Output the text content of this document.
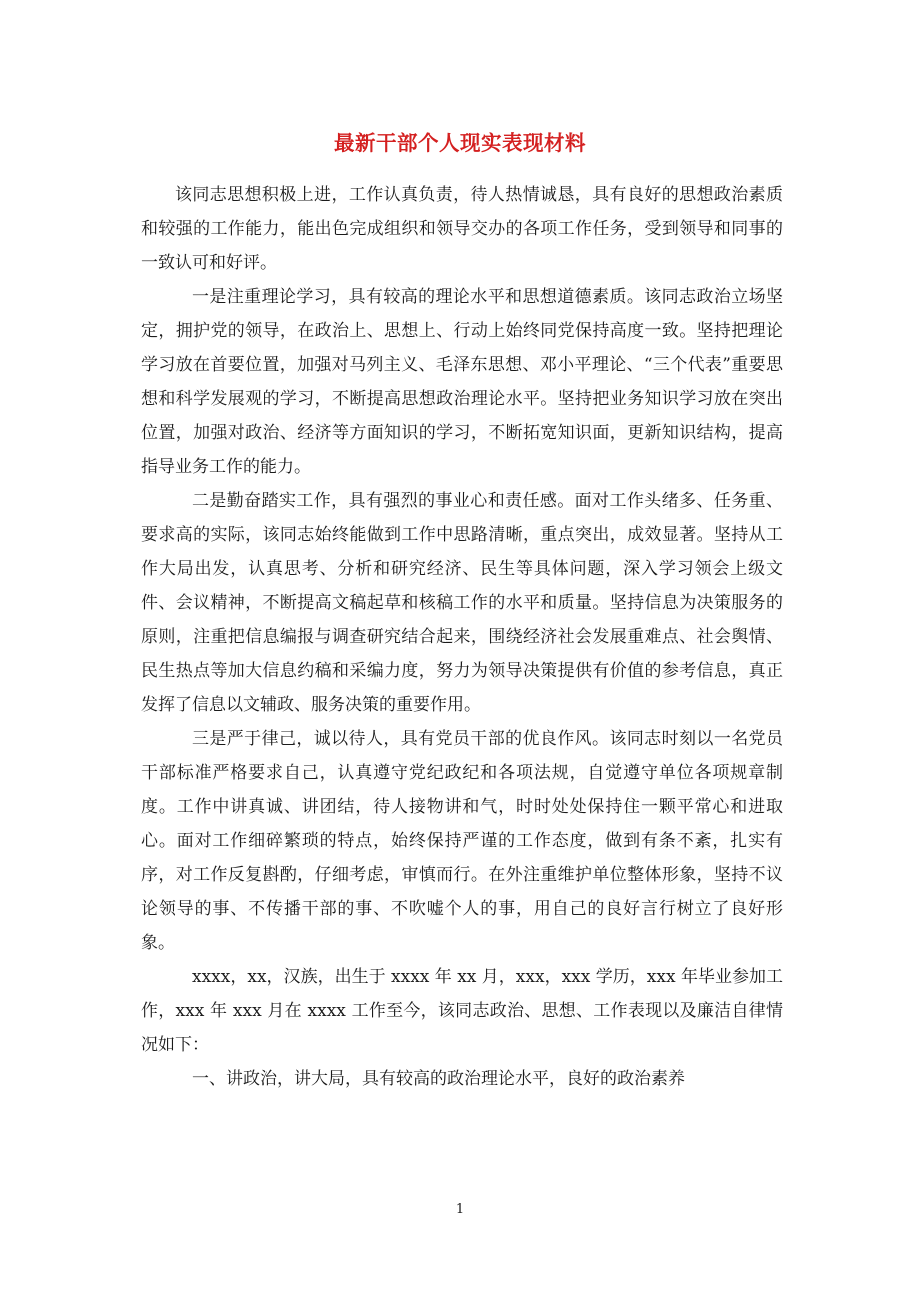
最新干部个人现实表现材料

该同志思想积极上进，工作认真负责，待人热情诚恳，具有良好的思想政治素质和较强的工作能力，能出色完成组织和领导交办的各项工作任务，受到领导和同事的一致认可和好评。

一是注重理论学习，具有较高的理论水平和思想道德素质。该同志政治立场坚定，拥护党的领导，在政治上、思想上、行动上始终同党保持高度一致。坚持把理论学习放在首要位置，加强对马列主义、毛泽东思想、邓小平理论、“三个代表”重要思想和科学发展观的学习，不断提高思想政治理论水平。坚持把业务知识学习放在突出位置，加强对政治、经济等方面知识的学习，不断拓宽知识面，更新知识结构，提高指导业务工作的能力。

二是勤奋踏实工作，具有强烈的事业心和责任感。面对工作头绪多、任务重、要求高的实际，该同志始终能做到工作中思路清晰，重点突出，成效显著。坚持从工作大局出发，认真思考、分析和研究经济、民生等具体问题，深入学习领会上级文件、会议精神，不断提高文稿起草和核稿工作的水平和质量。坚持信息为决策服务的原则，注重把信息编报与调查研究结合起来，围绕经济社会发展重难点、社会舆情、民生热点等加大信息约稿和采编力度，努力为领导决策提供有价值的参考信息，真正发挥了信息以文辅政、服务决策的重要作用。

三是严于律己，诚以待人，具有党员干部的优良作风。该同志时刻以一名党员干部标准严格要求自己，认真遵守党纪政纪和各项法规，自觉遵守单位各项规章制度。工作中讲真诚、讲团结，待人接物讲和气，时时处处保持住一颗平常心和进取心。面对工作细碎繁琐的特点，始终保持严谨的工作态度，做到有条不紊，扎实有序，对工作反复斟酌，仔细考虑，审慎而行。在外注重维护单位整体形象，坚持不议论领导的事、不传播干部的事、不吹嘘个人的事，用自己的良好言行树立了良好形象。

xxxx，xx，汉族，出生于 xxxx 年 xx 月，xxx，xxx 学历，xxx 年毕业参加工作，xxx 年 xxx 月在 xxxx 工作至今，该同志政治、思想、工作表现以及廉洁自律情况如下：

一、讲政治，讲大局，具有较高的政治理论水平，良好的政治素养

1
